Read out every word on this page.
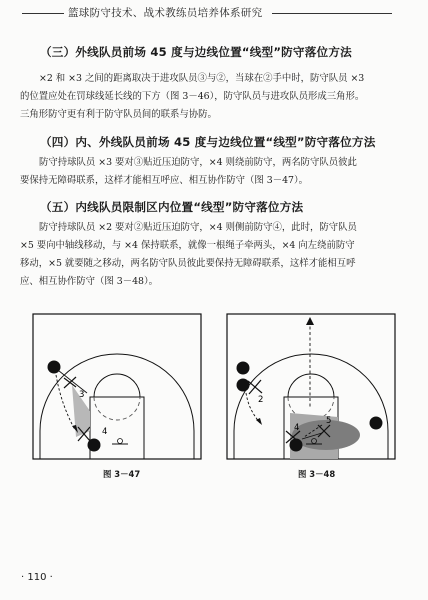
篮球防守技术、战术教练员培养体系研究
（三）外线队员前场 45 度与边线位置“线型”防守落位方法
×2 和 ×3 之间的距离取决于进攻队员③与②，当球在②手中时，防守队员 ×3
的位置应处在罚球线延长线的下方（图 3－46），防守队员与进攻队员形成三角形。
三角形防守更有利于防守队员间的联系与协防。
（四）内、外线队员前场 45 度与边线位置“线型”防守落位方法
防守持球队员 ×3 要对③贴近压迫防守，×4 则绕前防守，两名防守队员彼此
要保持无障碍联系，这样才能相互呼应、相互协作防守（图 3－47）。
（五）内线队员限制区内位置“线型”防守落位方法
防守持球队员 ×2 要对②贴近压迫防守，×4 则侧前防守④，此时，防守队员
×5 要向中轴线移动，与 ×4 保持联系，就像一根绳子牵两头，×4 向左绕前防守
移动，×5 就要随之移动，两名防守队员彼此要保持无障碍联系，这样才能相互呼
应、相互协作防守（图 3－48）。
3
4
图 3－47
2
4
5
图 3－48
· 110 ·
